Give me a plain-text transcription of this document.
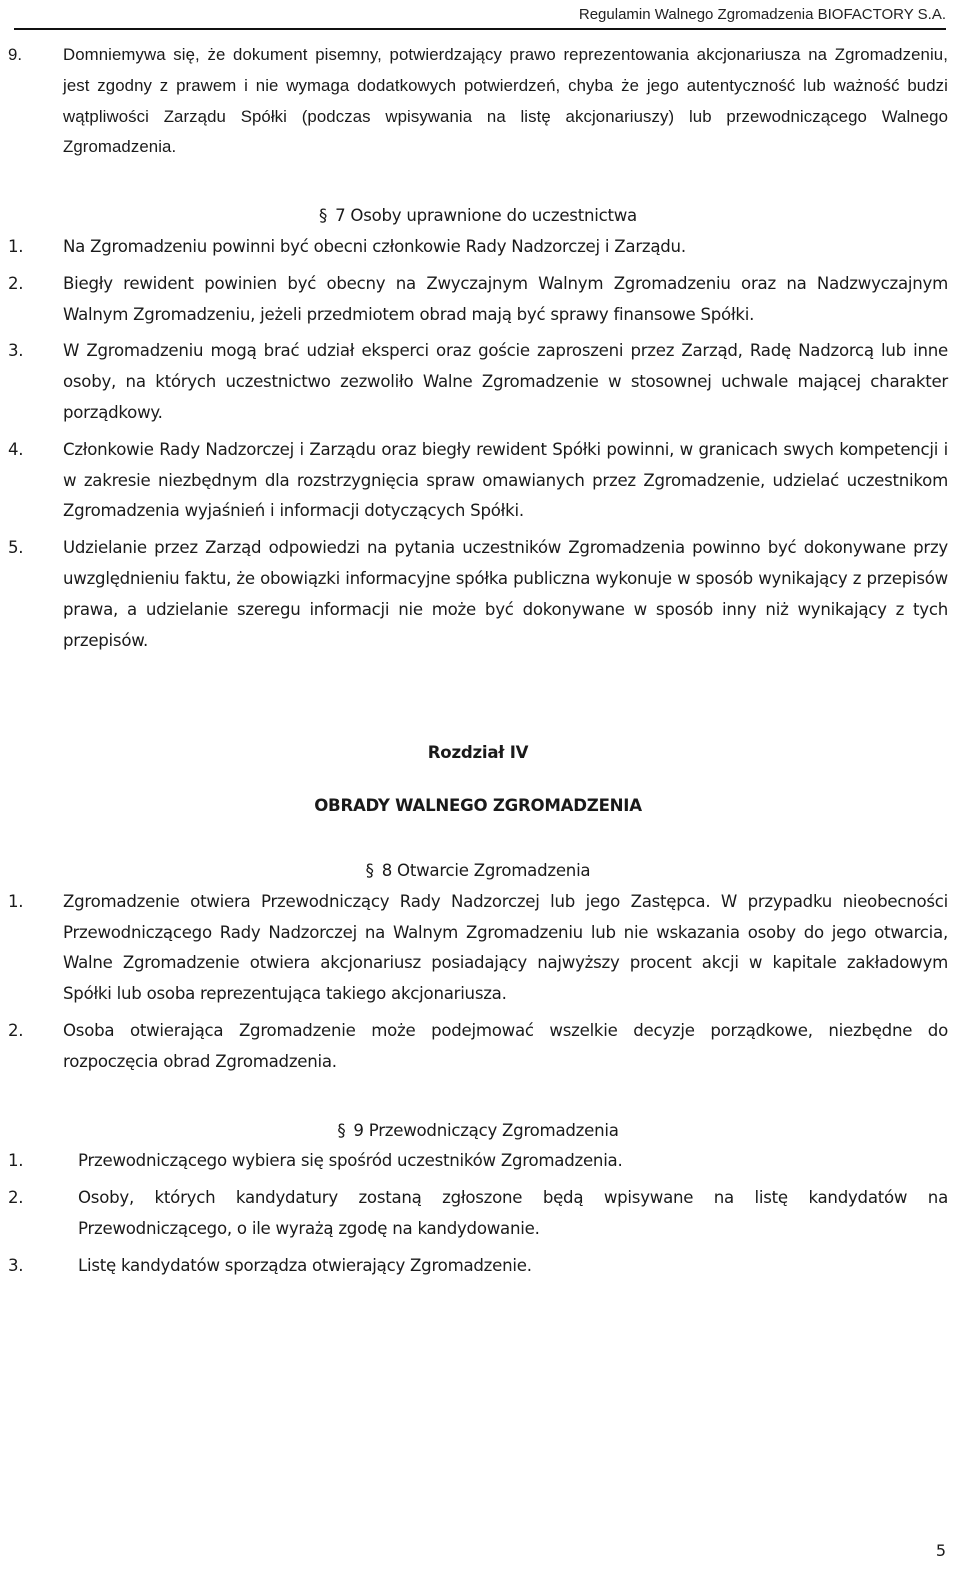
Regulamin Walnego Zgromadzenia BIOFACTORY S.A.
9.	Domniemywa się, że dokument pisemny, potwierdzający prawo reprezentowania akcjonariusza na Zgromadzeniu, jest zgodny z prawem i nie wymaga dodatkowych potwierdzeń, chyba że jego autentyczność lub ważność budzi wątpliwości Zarządu Spółki (podczas wpisywania na listę akcjonariuszy) lub przewodniczącego Walnego Zgromadzenia.

§ 7 Osoby uprawnione do uczestnictwa

1.	Na Zgromadzeniu powinni być obecni członkowie Rady Nadzorczej i Zarządu.
2.	Biegły rewident powinien być obecny na Zwyczajnym Walnym Zgromadzeniu oraz na Nadzwyczajnym Walnym Zgromadzeniu, jeżeli przedmiotem obrad mają być sprawy finansowe Spółki.
3.	W Zgromadzeniu mogą brać udział eksperci oraz goście zaproszeni przez Zarząd, Radę Nadzorcą lub inne osoby, na których uczestnictwo zezwoliło Walne Zgromadzenie w stosownej uchwale mającej charakter porządkowy.
4.	Członkowie Rady Nadzorczej i Zarządu oraz biegły rewident Spółki powinni, w granicach swych kompetencji i w zakresie niezbędnym dla rozstrzygnięcia spraw omawianych przez Zgromadzenie, udzielać uczestnikom Zgromadzenia wyjaśnień i informacji dotyczących Spółki.
5.	Udzielanie przez Zarząd odpowiedzi na pytania uczestników Zgromadzenia powinno być dokonywane przy uwzględnieniu faktu, że obowiązki informacyjne spółka publiczna wykonuje w sposób wynikający z przepisów prawa, a udzielanie szeregu informacji nie może być dokonywane w sposób inny niż wynikający z tych przepisów.

Rozdział IV

OBRADY WALNEGO ZGROMADZENIA

§ 8 Otwarcie Zgromadzenia

1.	Zgromadzenie otwiera Przewodniczący Rady Nadzorczej lub jego Zastępca. W przypadku nieobecności Przewodniczącego Rady Nadzorczej na Walnym Zgromadzeniu lub nie wskazania osoby do jego otwarcia, Walne Zgromadzenie otwiera akcjonariusz posiadający najwyższy procent akcji w kapitale zakładowym Spółki lub osoba reprezentująca takiego akcjonariusza.
2.	Osoba otwierająca Zgromadzenie może podejmować wszelkie decyzje porządkowe, niezbędne do rozpoczęcia obrad Zgromadzenia.

§ 9 Przewodniczący Zgromadzenia

1.	Przewodniczącego wybiera się spośród uczestników Zgromadzenia.
2.	Osoby, których kandydatury zostaną zgłoszone będą wpisywane na listę kandydatów na Przewodniczącego, o ile wyrażą zgodę na kandydowanie.
3.	Listę kandydatów sporządza otwierający Zgromadzenie.
5
